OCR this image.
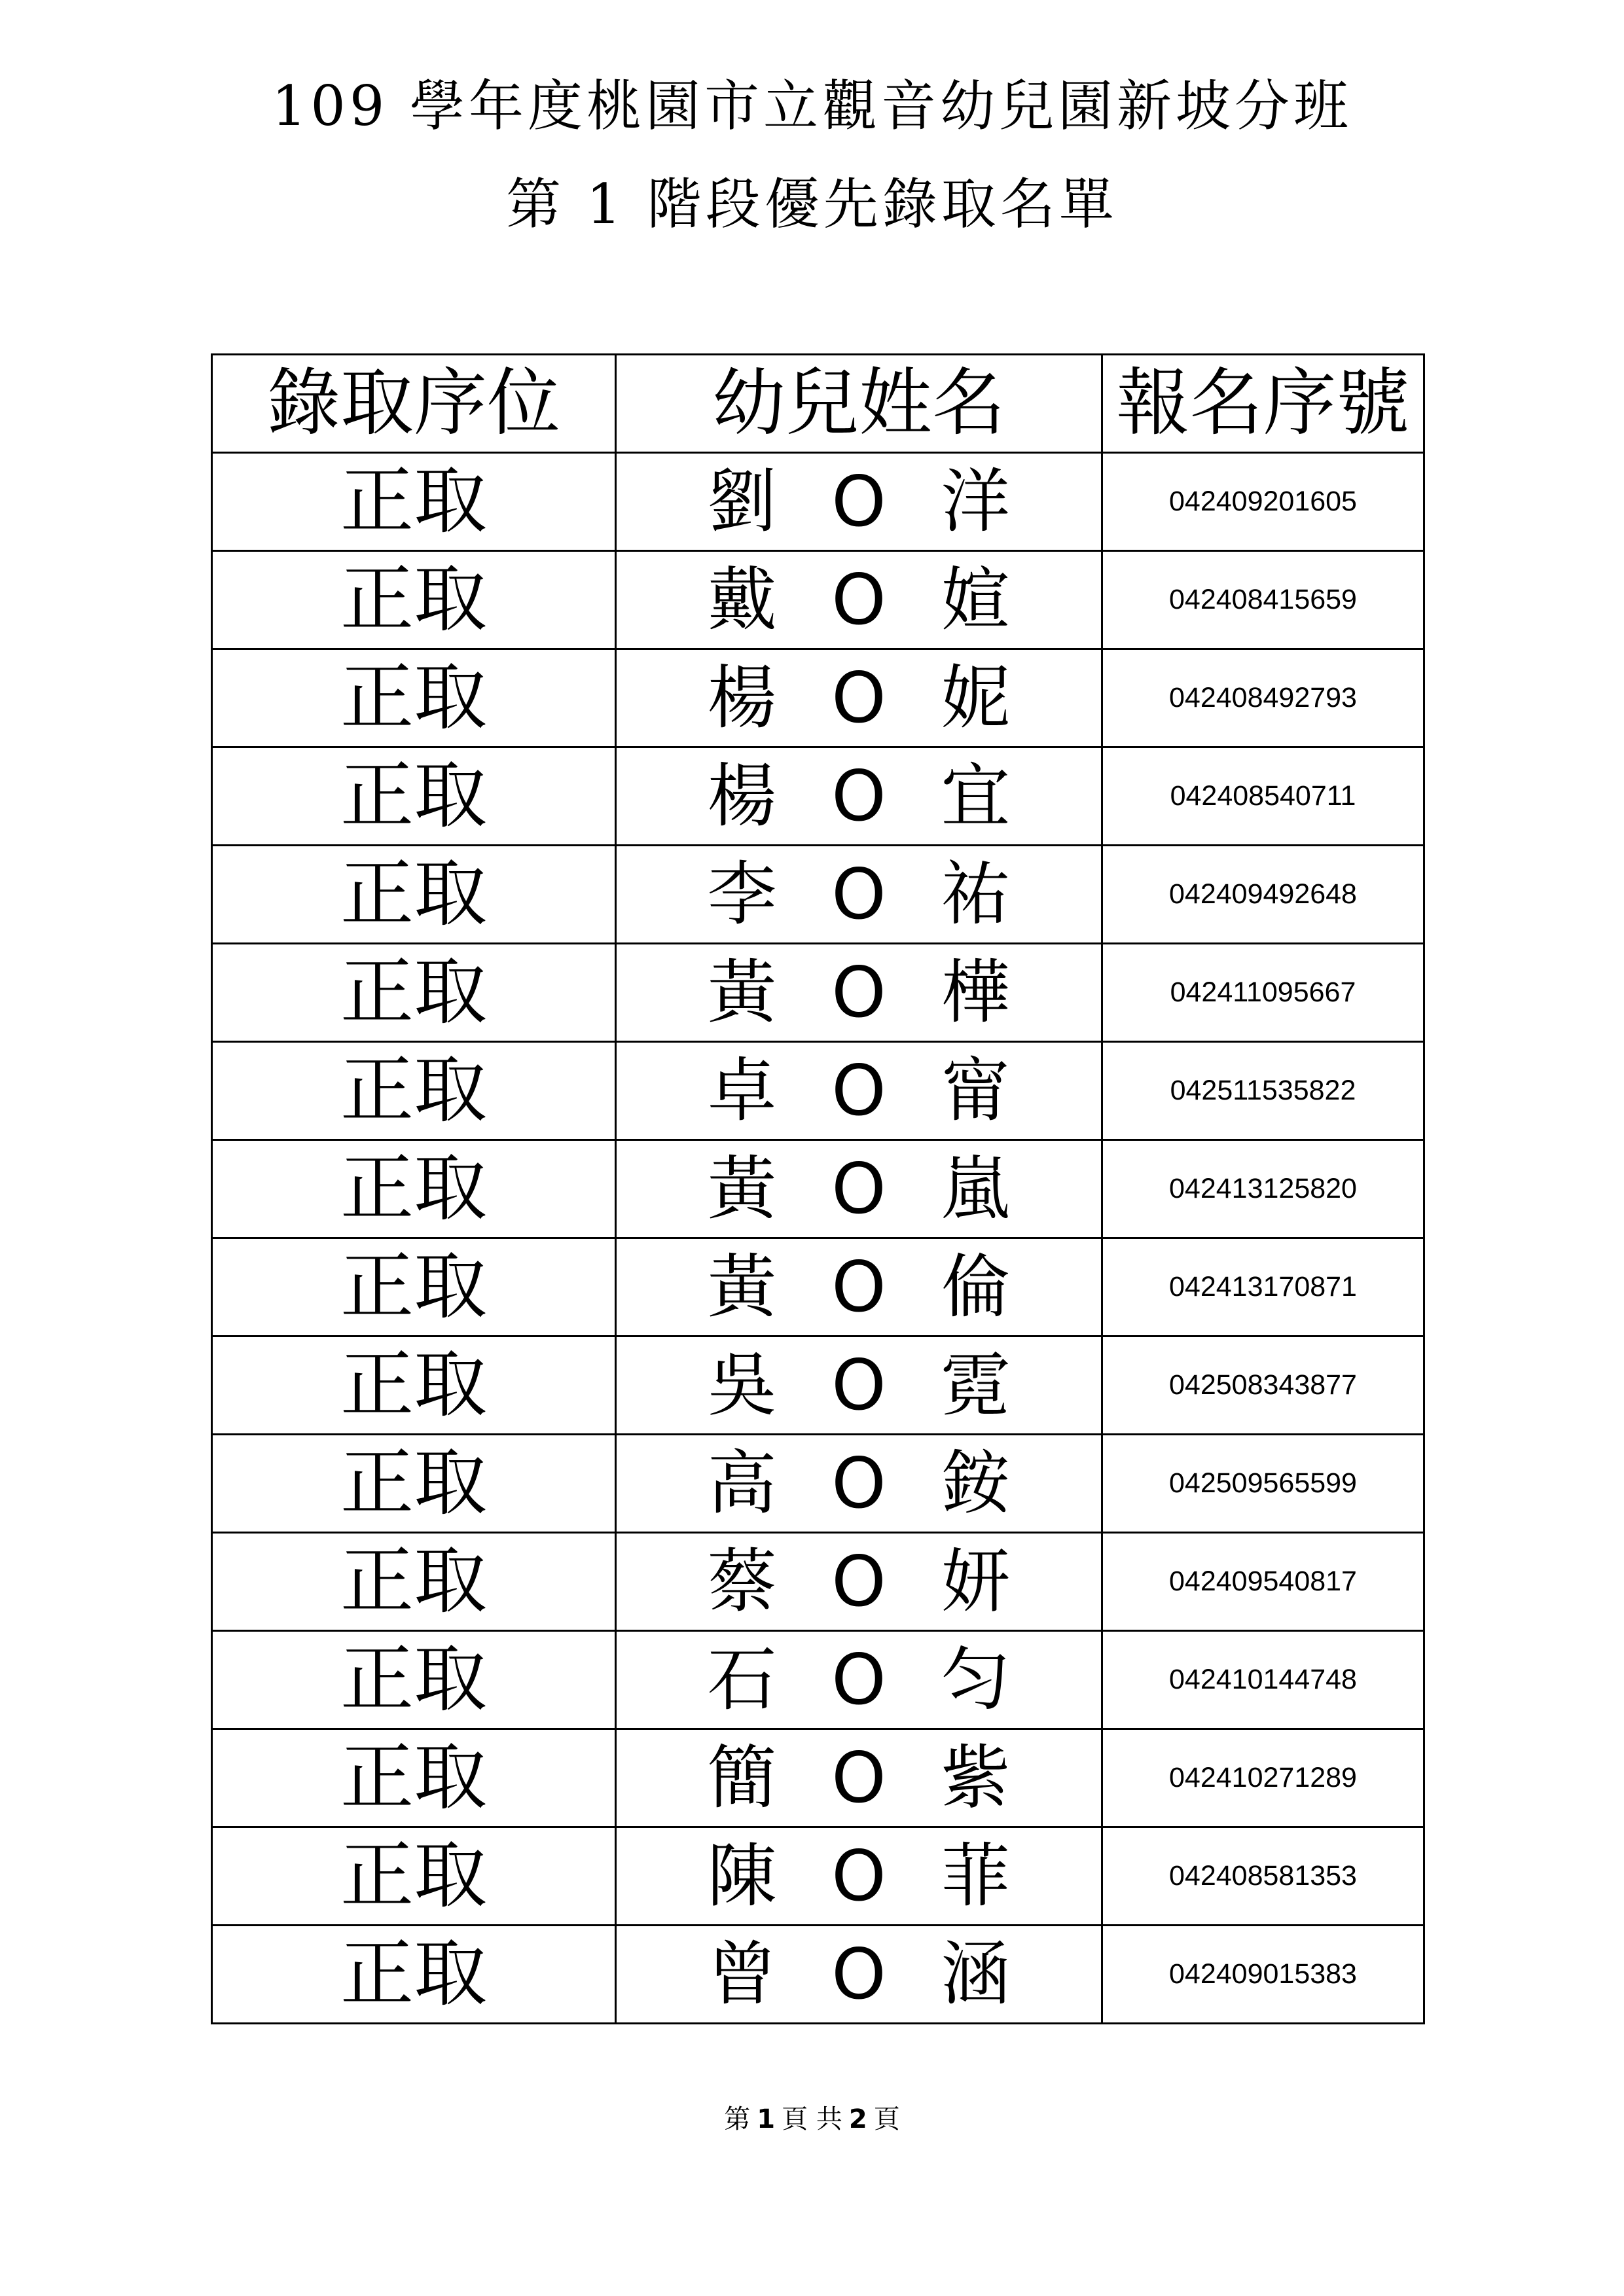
109 學年度桃園市立觀音幼兒園新坡分班
第 1 階段優先錄取名單
錄取序位	幼兒姓名	報名序號
正取	劉 O 洋	042409201605
正取	戴 O 媗	042408415659
正取	楊 O 妮	042408492793
正取	楊 O 宜	042408540711
正取	李 O 祐	042409492648
正取	黃 O 樺	042411095667
正取	卓 O 甯	042511535822
正取	黃 O 嵐	042413125820
正取	黃 O 倫	042413170871
正取	吳 O 霓	042508343877
正取	高 O 銨	042509565599
正取	蔡 O 妍	042409540817
正取	石 O 匀	042410144748
正取	簡 O 紫	042410271289
正取	陳 O 菲	042408581353
正取	曾 O 涵	042409015383
第 1 頁 共 2 頁
